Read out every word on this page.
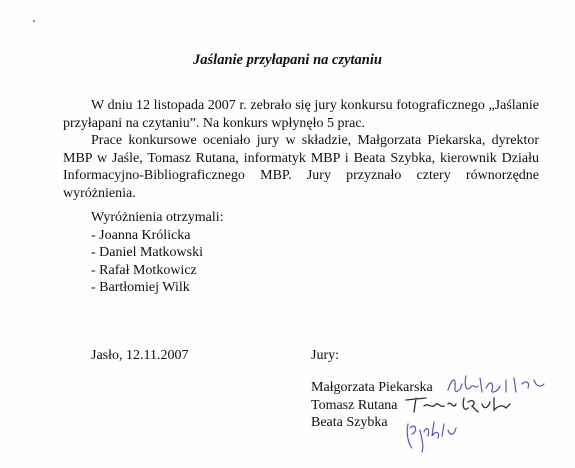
Jaślanie przyłapani na czytaniu

W dniu 12 listopada 2007 r. zebrało się jury konkursu fotograficznego „Jaślanie przyłapani na czytaniu”. Na konkurs wpłynęło 5 prac.

Prace konkursowe oceniało jury w składzie, Małgorzata Piekarska, dyrektor MBP w Jaśle, Tomasz Rutana, informatyk MBP i Beata Szybka, kierownik Działu Informacyjno-Bibliograficznego MBP. Jury przyznało cztery równorzędne wyróżnienia.

Wyróżnienia otrzymali:
- Joanna Królicka
- Daniel Matkowski
- Rafał Motkowicz
- Bartłomiej Wilk
Jasło, 12.11.2007	Jury:
Małgorzata Piekarska
Tomasz Rutana
Beata Szybka
